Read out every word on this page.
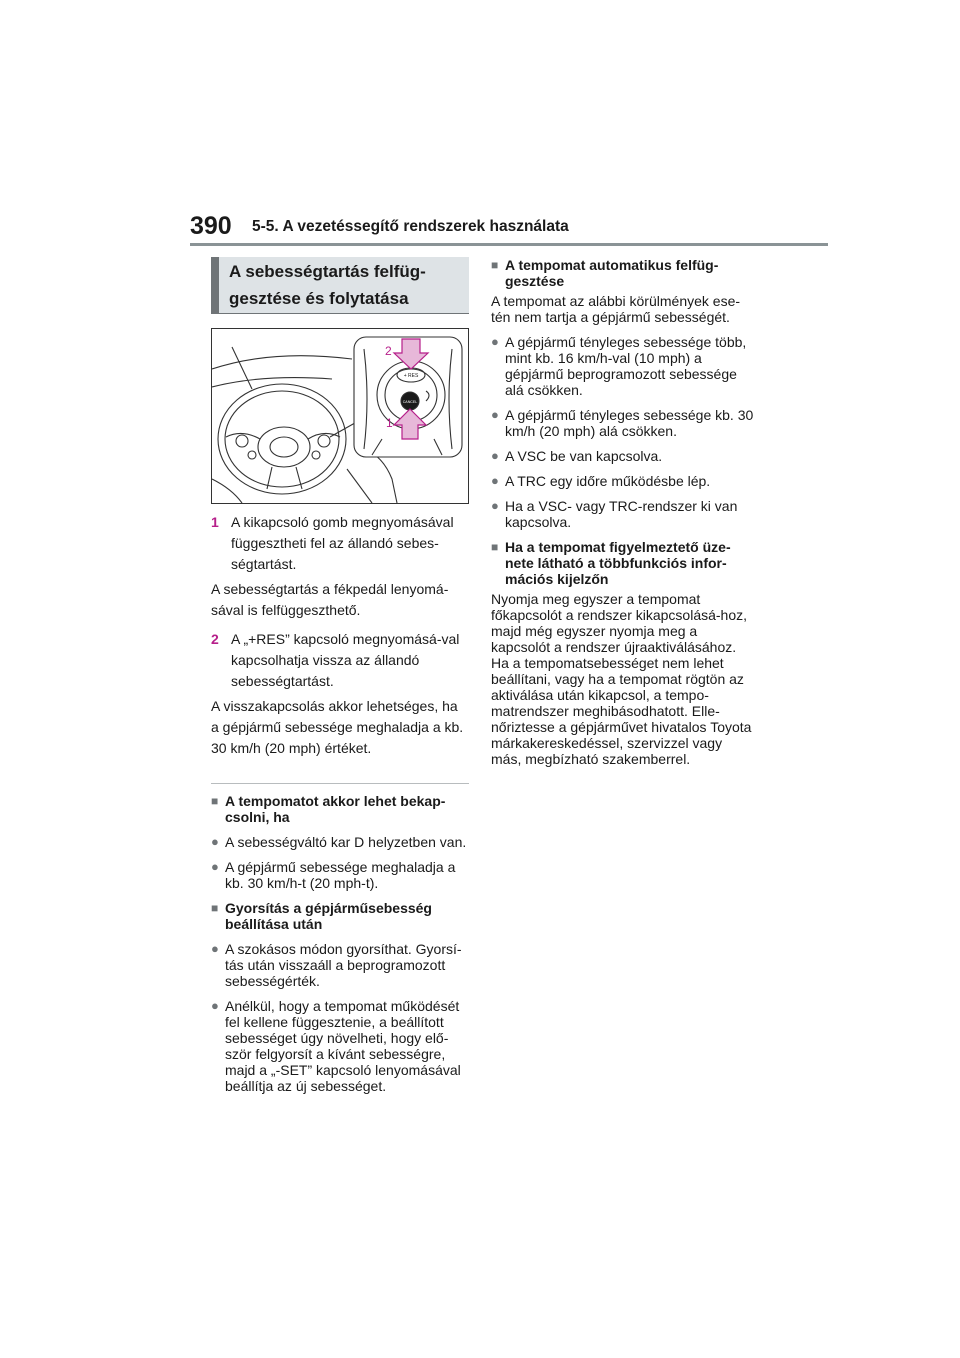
390 5-5. A vezetéssegítő rendszerek használata
A sebességtartás felfüg-
gesztése és folytatása
+ RES
CANCEL
2
1
1 A kikapcsoló gomb megnyomásával függesztheti fel az állandó sebes-ségtartást.
A sebességtartás a fékpedál lenyomá-sával is felfüggeszthető.
2 A „+RES” kapcsoló megnyomásá-val kapcsolhatja vissza az állandó sebességtartást.
A visszakapcsolás akkor lehetséges, ha a gépjármű sebessége meghaladja a kb. 30 km/h (20 mph) értéket.
■ A tempomatot akkor lehet bekap-csolni, ha
● A sebességváltó kar D helyzetben van.
● A gépjármű sebessége meghaladja a kb. 30 km/h-t (20 mph-t).
■ Gyorsítás a gépjárműsebesség beállítása után
● A szokásos módon gyorsíthat. Gyorsí-tás után visszaáll a beprogramozott sebességérték.
● Anélkül, hogy a tempomat működését fel kellene függesztenie, a beállított sebességet úgy növelheti, hogy elő-ször felgyorsít a kívánt sebességre, majd a „-SET” kapcsoló lenyomásával beállítja az új sebességet.
■ A tempomat automatikus felfüg-gesztése
A tempomat az alábbi körülmények ese-tén nem tartja a gépjármű sebességét.
● A gépjármű tényleges sebessége több, mint kb. 16 km/h-val (10 mph) a gépjármű beprogramozott sebessége alá csökken.
● A gépjármű tényleges sebessége kb. 30 km/h (20 mph) alá csökken.
● A VSC be van kapcsolva.
● A TRC egy időre működésbe lép.
● Ha a VSC- vagy TRC-rendszer ki van kapcsolva.
■ Ha a tempomat figyelmeztető üze-nete látható a többfunkciós infor-mációs kijelzőn
Nyomja meg egyszer a tempomat főkapcsolót a rendszer kikapcsolásá-hoz, majd még egyszer nyomja meg a kapcsolót a rendszer újraaktiválásához. Ha a tempomatsebességet nem lehet beállítani, vagy ha a tempomat rögtön az aktiválása után kikapcsol, a tempo-matrendszer meghibásodhatott. Elle-nőriztesse a gépjárművet hivatalos Toyota márkakereskedéssel, szervizzel vagy más, megbízható szakemberrel.
